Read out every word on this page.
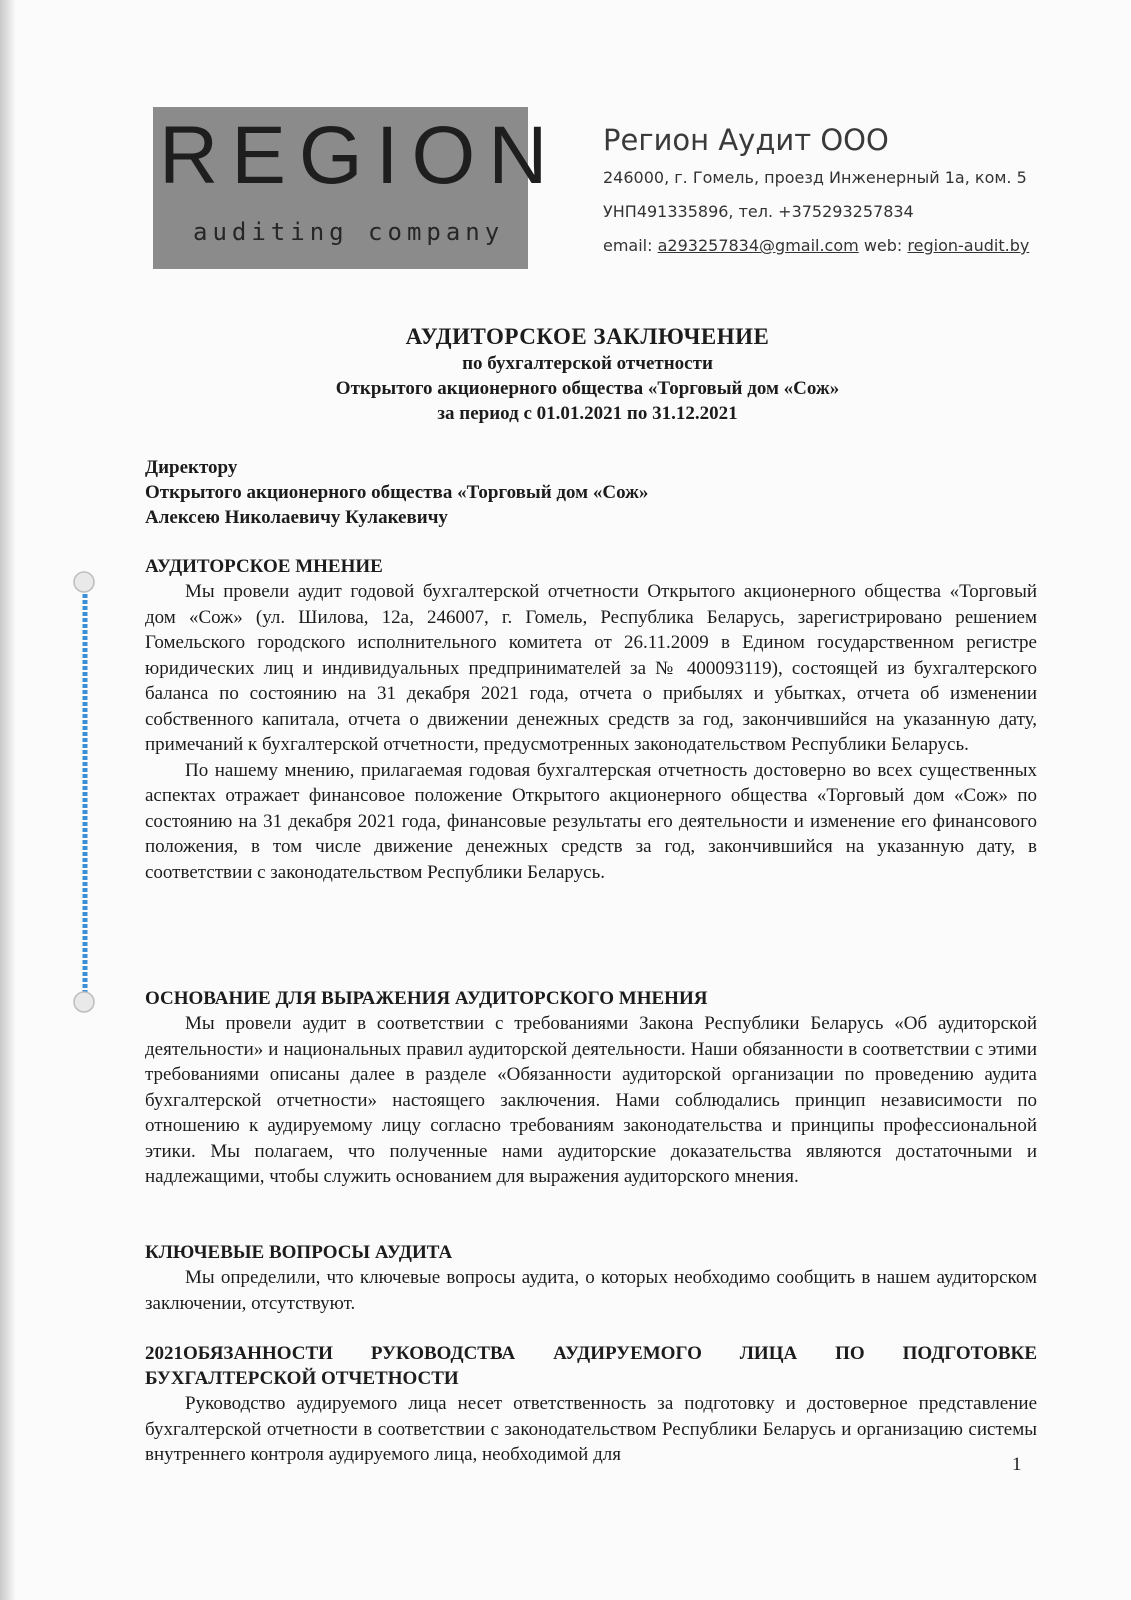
REGION
auditing company
Регион Аудит ООО
246000, г. Гомель, проезд Инженерный 1а, ком. 5
УНП491335896, тел. +375293257834
email: a293257834@gmail.com web: region-audit.by
АУДИТОРСКОЕ ЗАКЛЮЧЕНИЕ
по бухгалтерской отчетности
Открытого акционерного общества «Торговый дом «Сож»
за период с 01.01.2021 по 31.12.2021
Директору
Открытого акционерного общества «Торговый дом «Сож»
Алексею Николаевичу Кулакевичу
АУДИТОРСКОЕ МНЕНИЕ

Мы провели аудит годовой бухгалтерской отчетности Открытого акционерного общества «Торговый дом «Сож» (ул. Шилова, 12а, 246007, г. Гомель, Республика Беларусь, зарегистрировано решением Гомельского городского исполнительного комитета от 26.11.2009 в Едином государственном регистре юридических лиц и индивидуальных предпринимателей за № 400093119), состоящей из бухгалтерского баланса по состоянию на 31 декабря 2021 года, отчета о прибылях и убытках, отчета об изменении собственного капитала, отчета о движении денежных средств за год, закончившийся на указанную дату, примечаний к бухгалтерской отчетности, предусмотренных законодательством Республики Беларусь.

По нашему мнению, прилагаемая годовая бухгалтерская отчетность достоверно во всех существенных аспектах отражает финансовое положение Открытого акционерного общества «Торговый дом «Сож» по состоянию на 31 декабря 2021 года, финансовые результаты его деятельности и изменение его финансового положения, в том числе движение денежных средств за год, закончившийся на указанную дату, в соответствии с законодательством Республики Беларусь.

ОСНОВАНИЕ ДЛЯ ВЫРАЖЕНИЯ АУДИТОРСКОГО МНЕНИЯ

Мы провели аудит в соответствии с требованиями Закона Республики Беларусь «Об аудиторской деятельности» и национальных правил аудиторской деятельности. Наши обязанности в соответствии с этими требованиями описаны далее в разделе «Обязанности аудиторской организации по проведению аудита бухгалтерской отчетности» настоящего заключения. Нами соблюдались принцип независимости по отношению к аудируемому лицу согласно требованиям законодательства и принципы профессиональной этики. Мы полагаем, что полученные нами аудиторские доказательства являются достаточными и надлежащими, чтобы служить основанием для выражения аудиторского мнения.

КЛЮЧЕВЫЕ ВОПРОСЫ АУДИТА

Мы определили, что ключевые вопросы аудита, о которых необходимо сообщить в нашем аудиторском заключении, отсутствуют.

2021ОБЯЗАННОСТИ РУКОВОДСТВА АУДИРУЕМОГО ЛИЦА ПО ПОДГОТОВКЕ БУХГАЛТЕРСКОЙ ОТЧЕТНОСТИ

Руководство аудируемого лица несет ответственность за подготовку и достоверное представление бухгалтерской отчетности в соответствии с законодательством Республики Беларусь и организацию системы внутреннего контроля аудируемого лица, необходимой для	1
